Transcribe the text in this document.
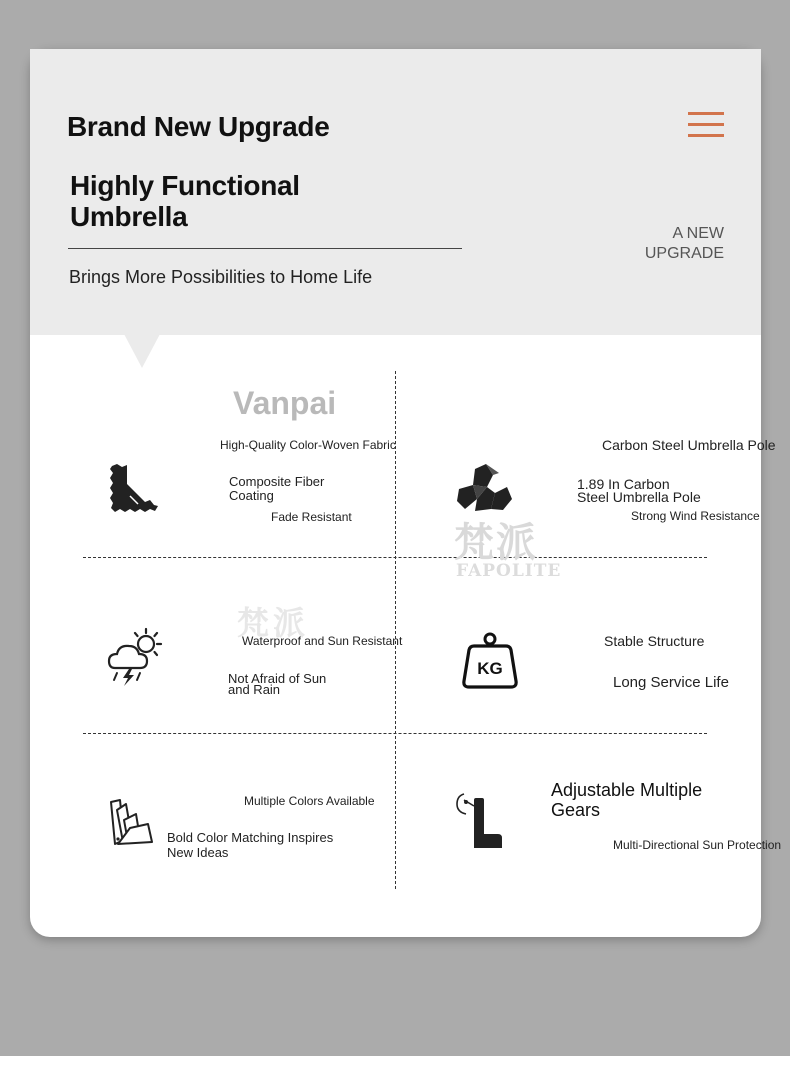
Brand New Upgrade

Highly Functional
Umbrella

Brings More Possibilities to Home Life

A NEW
UPGRADE

Vanpai

梵派

FAPOLITE

梵派

High-Quality Color-Woven Fabric

Composite Fiber
Coating

Fade Resistant

Carbon Steel Umbrella Pole

1.89 In Carbon
Steel Umbrella Pole

Strong Wind Resistance

Waterproof and Sun Resistant

Not Afraid of Sun
and Rain
KG

Stable Structure

Long Service Life

Multiple Colors Available

Bold Color Matching Inspires
New Ideas
Adjustable Multiple
Gears

Multi-Directional Sun Protection
